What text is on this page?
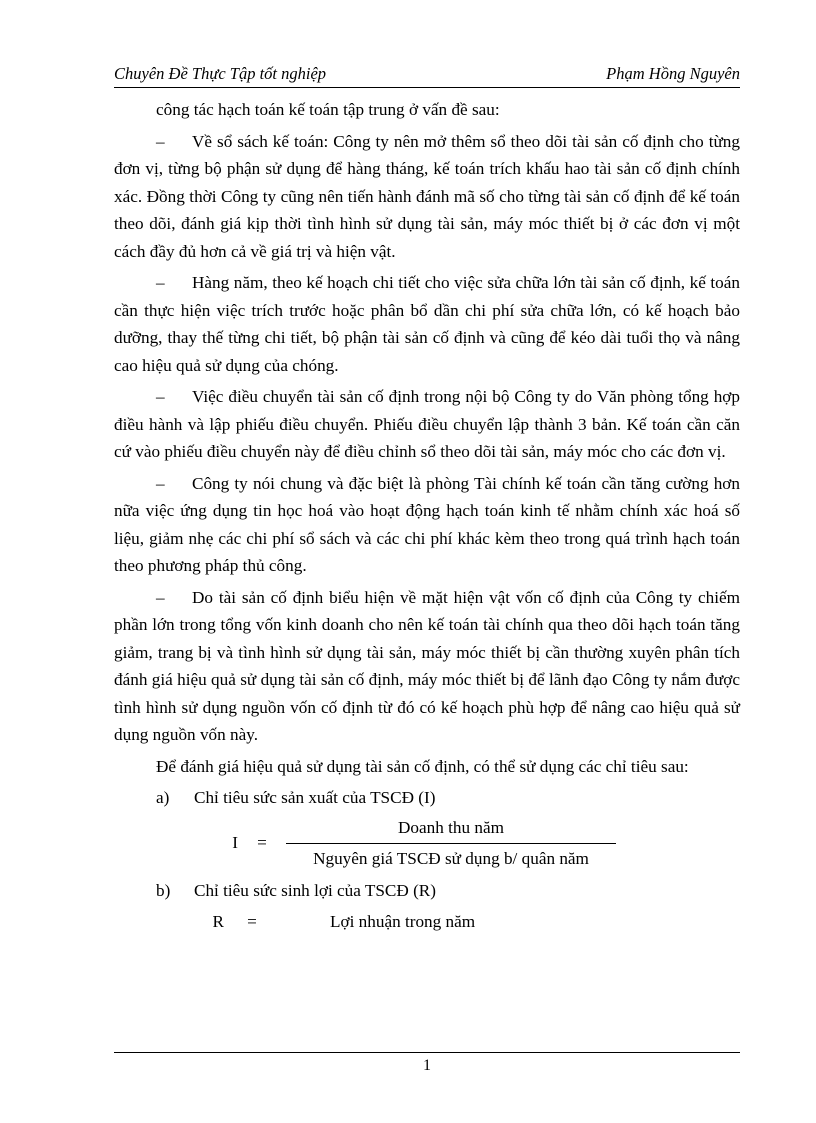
Chuyên Đề Thực Tập tốt nghiệp	Phạm Hồng Nguyên

công tác hạch toán kế toán tập trung ở vấn đề sau:

– Về sổ sách kế toán: Công ty nên mở thêm sổ theo dõi tài sản cố định cho từng đơn vị, từng bộ phận sử dụng để hàng tháng, kế toán trích khấu hao tài sản cố định chính xác. Đồng thời Công ty cũng nên tiến hành đánh mã số cho từng tài sản cố định để kế toán theo dõi, đánh giá kịp thời tình hình sử dụng tài sản, máy móc thiết bị ở các đơn vị một cách đầy đủ hơn cả về giá trị và hiện vật.

– Hàng năm, theo kế hoạch chi tiết cho việc sửa chữa lớn tài sản cố định, kế toán cần thực hiện việc trích trước hoặc phân bổ dần chi phí sửa chữa lớn, có kế hoạch bảo dưỡng, thay thế từng chi tiết, bộ phận tài sản cố định và cũng để kéo dài tuổi thọ và nâng cao hiệu quả sử dụng của chóng.

– Việc điều chuyển tài sản cố định trong nội bộ Công ty do Văn phòng tổng hợp điều hành và lập phiếu điều chuyển. Phiếu điều chuyển lập thành 3 bản. Kế toán cần căn cứ vào phiếu điều chuyển này để điều chỉnh sổ theo dõi tài sản, máy móc cho các đơn vị.

– Công ty nói chung và đặc biệt là phòng Tài chính kế toán cần tăng cường hơn nữa việc ứng dụng tin học hoá vào hoạt động hạch toán kinh tế nhằm chính xác hoá số liệu, giảm nhẹ các chi phí sổ sách và các chi phí khác kèm theo trong quá trình hạch toán theo phương pháp thủ công.

– Do tài sản cố định biểu hiện về mặt hiện vật vốn cố định của Công ty chiếm phần lớn trong tổng vốn kinh doanh cho nên kế toán tài chính qua theo dõi hạch toán tăng giảm, trang bị và tình hình sử dụng tài sản, máy móc thiết bị cần thường xuyên phân tích đánh giá hiệu quả sử dụng tài sản cố định, máy móc thiết bị để lãnh đạo Công ty nắm được tình hình sử dụng nguồn vốn cố định từ đó có kế hoạch phù hợp để nâng cao hiệu quả sử dụng nguồn vốn này.

Để đánh giá hiệu quả sử dụng tài sản cố định, có thể sử dụng các chỉ tiêu sau:

a)	Chỉ tiêu sức sản xuất của TSCĐ (I)

I	=	$\frac{\text{Doanh thu năm}}{\text{Nguyên giá TSCĐ sử dụng b/ quân năm}}$

b)	Chỉ tiêu sức sinh lợi của TSCĐ (R)

R	=	Lợi nhuận trong năm
1
